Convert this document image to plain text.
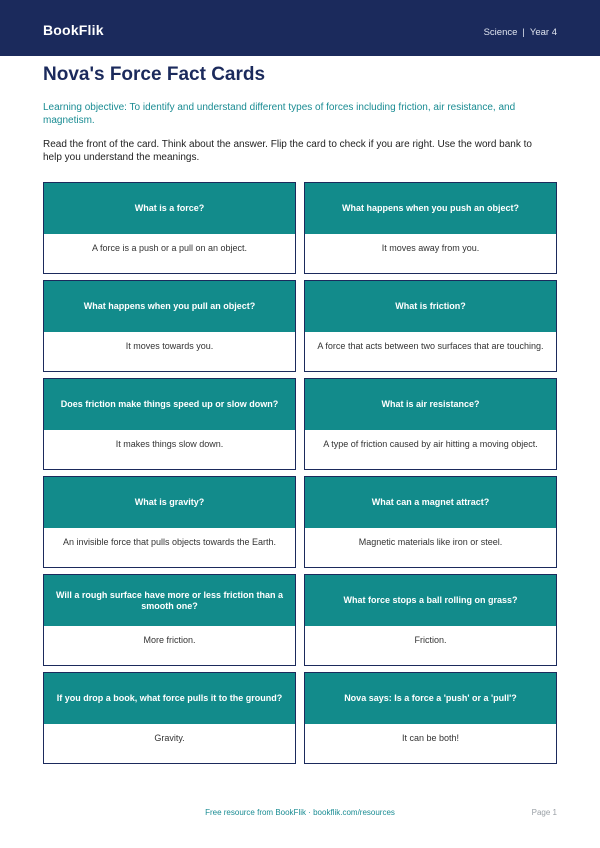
BookFlik	Science | Year 4
Nova's Force Fact Cards
Learning objective: To identify and understand different types of forces including friction, air resistance, and magnetism.
Read the front of the card. Think about the answer. Flip the card to check if you are right. Use the word bank to help you understand the meanings.
What is a force?
A force is a push or a pull on an object.
What happens when you push an object?
It moves away from you.
What happens when you pull an object?
It moves towards you.
What is friction?
A force that acts between two surfaces that are touching.
Does friction make things speed up or slow down?
It makes things slow down.
What is air resistance?
A type of friction caused by air hitting a moving object.
What is gravity?
An invisible force that pulls objects towards the Earth.
What can a magnet attract?
Magnetic materials like iron or steel.
Will a rough surface have more or less friction than a smooth one?
More friction.
What force stops a ball rolling on grass?
Friction.
If you drop a book, what force pulls it to the ground?
Gravity.
Nova says: Is a force a 'push' or a 'pull'?
It can be both!
Free resource from BookFlik · bookflik.com/resources	Page 1
